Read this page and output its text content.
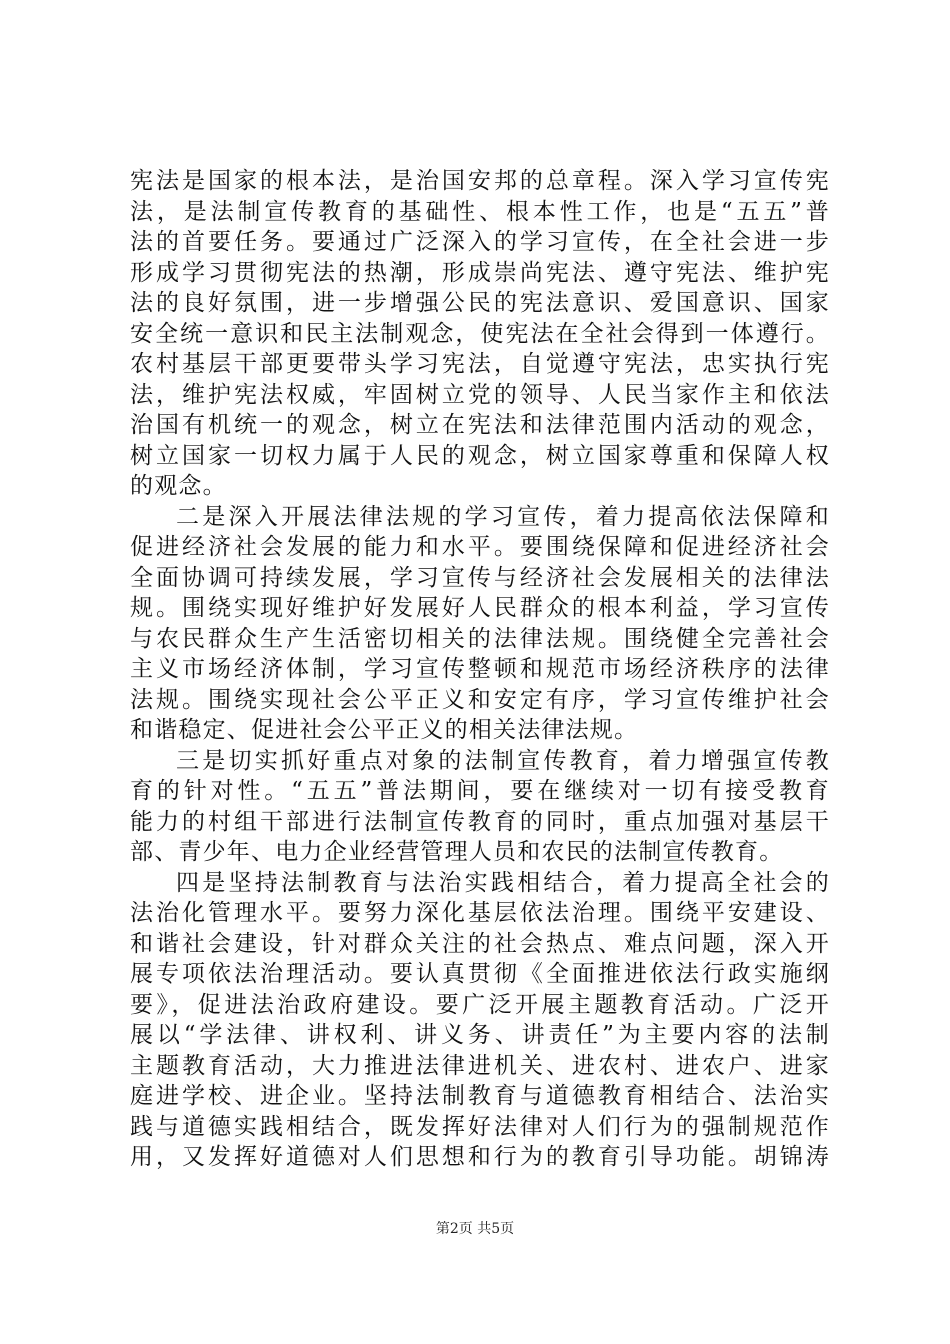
宪法是国家的根本法，是治国安邦的总章程。深入学习宣传宪
法，是法制宣传教育的基础性、根本性工作，也是“五五”普
法的首要任务。要通过广泛深入的学习宣传，在全社会进一步
形成学习贯彻宪法的热潮，形成崇尚宪法、遵守宪法、维护宪
法的良好氛围，进一步增强公民的宪法意识、爱国意识、国家
安全统一意识和民主法制观念，使宪法在全社会得到一体遵行。
农村基层干部更要带头学习宪法，自觉遵守宪法，忠实执行宪
法，维护宪法权威，牢固树立党的领导、人民当家作主和依法
治国有机统一的观念，树立在宪法和法律范围内活动的观念，
树立国家一切权力属于人民的观念，树立国家尊重和保障人权
的观念。
二是深入开展法律法规的学习宣传，着力提高依法保障和
促进经济社会发展的能力和水平。要围绕保障和促进经济社会
全面协调可持续发展，学习宣传与经济社会发展相关的法律法
规。围绕实现好维护好发展好人民群众的根本利益，学习宣传
与农民群众生产生活密切相关的法律法规。围绕健全完善社会
主义市场经济体制，学习宣传整顿和规范市场经济秩序的法律
法规。围绕实现社会公平正义和安定有序，学习宣传维护社会
和谐稳定、促进社会公平正义的相关法律法规。
三是切实抓好重点对象的法制宣传教育，着力增强宣传教
育的针对性。“五五”普法期间，要在继续对一切有接受教育
能力的村组干部进行法制宣传教育的同时，重点加强对基层干
部、青少年、电力企业经营管理人员和农民的法制宣传教育。
四是坚持法制教育与法治实践相结合，着力提高全社会的
法治化管理水平。要努力深化基层依法治理。围绕平安建设、
和谐社会建设，针对群众关注的社会热点、难点问题，深入开
展专项依法治理活动。要认真贯彻《全面推进依法行政实施纲
要》，促进法治政府建设。要广泛开展主题教育活动。广泛开
展以“学法律、讲权利、讲义务、讲责任”为主要内容的法制
主题教育活动，大力推进法律进机关、进农村、进农户、进家
庭进学校、进企业。坚持法制教育与道德教育相结合、法治实
践与道德实践相结合，既发挥好法律对人们行为的强制规范作
用，又发挥好道德对人们思想和行为的教育引导功能。胡锦涛
第2页 共5页
